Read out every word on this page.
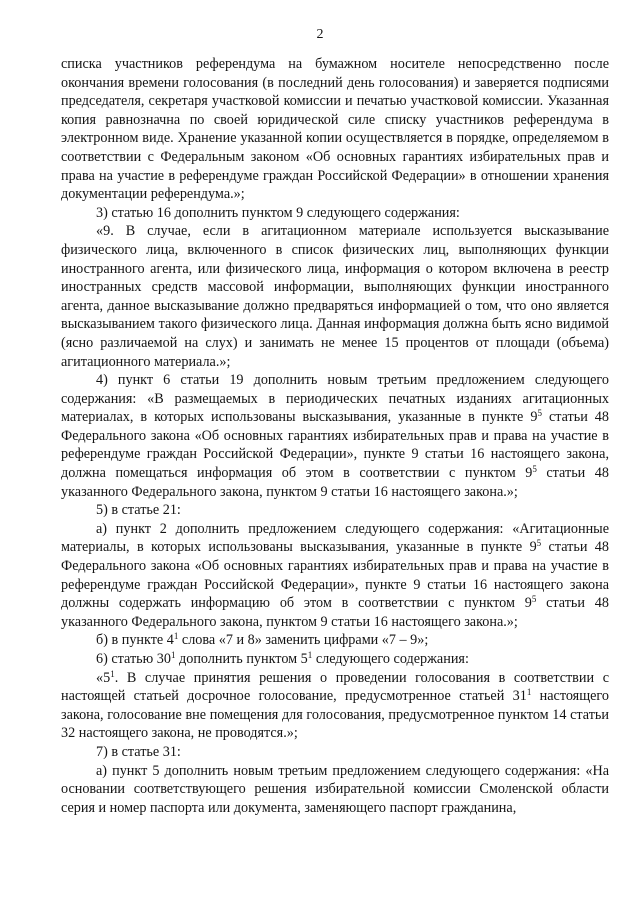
2

списка участников референдума на бумажном носителе непосредственно после окончания времени голосования (в последний день голосования) и заверяется подписями председателя, секретаря участковой комиссии и печатью участковой комиссии. Указанная копия равнозначна по своей юридической силе списку участников референдума в электронном виде. Хранение указанной копии осуществляется в порядке, определяемом в соответствии с Федеральным законом «Об основных гарантиях избирательных прав и права на участие в референдуме граждан Российской Федерации» в отношении хранения документации референдума.»;

3) статью 16 дополнить пунктом 9 следующего содержания:

«9. В случае, если в агитационном материале используется высказывание физического лица, включенного в список физических лиц, выполняющих функции иностранного агента, или физического лица, информация о котором включена в реестр иностранных средств массовой информации, выполняющих функции иностранного агента, данное высказывание должно предваряться информацией о том, что оно является высказыванием такого физического лица. Данная информация должна быть ясно видимой (ясно различаемой на слух) и занимать не менее 15 процентов от площади (объема) агитационного материала.»;

4) пункт 6 статьи 19 дополнить новым третьим предложением следующего содержания: «В размещаемых в периодических печатных изданиях агитационных материалах, в которых использованы высказывания, указанные в пункте $9^5$ статьи 48 Федерального закона «Об основных гарантиях избирательных прав и права на участие в референдуме граждан Российской Федерации», пункте 9 статьи 16 настоящего закона, должна помещаться информация об этом в соответствии с пунктом $9^5$ статьи 48 указанного Федерального закона, пунктом 9 статьи 16 настоящего закона.»;

5) в статье 21:

а) пункт 2 дополнить предложением следующего содержания: «Агитационные материалы, в которых использованы высказывания, указанные в пункте $9^5$ статьи 48 Федерального закона «Об основных гарантиях избирательных прав и права на участие в референдуме граждан Российской Федерации», пункте 9 статьи 16 настоящего закона должны содержать информацию об этом в соответствии с пунктом $9^5$ статьи 48 указанного Федерального закона, пунктом 9 статьи 16 настоящего закона.»;

б) в пункте $4^1$ слова «7 и 8» заменить цифрами «7 – 9»;

6) статью $30^1$ дополнить пунктом $5^1$ следующего содержания:

«$5^1$. В случае принятия решения о проведении голосования в соответствии с настоящей статьей досрочное голосование, предусмотренное статьей $31^1$ настоящего закона, голосование вне помещения для голосования, предусмотренное пунктом 14 статьи 32 настоящего закона, не проводятся.»;

7) в статье 31:

а) пункт 5 дополнить новым третьим предложением следующего содержания: «На основании соответствующего решения избирательной комиссии Смоленской области серия и номер паспорта или документа, заменяющего паспорт гражданина,
